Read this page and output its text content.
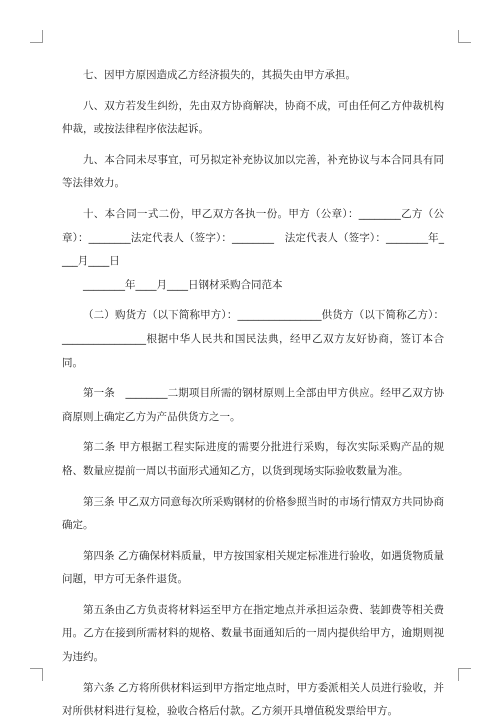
七、因甲方原因造成乙方经济损失的，其损失由甲方承担。

八、双方若发生纠纷，先由双方协商解决，协商不成，可由任何乙方仲裁机构仲裁，或按法律程序依法起诉。

九、本合同未尽事宜，可另拟定补充协议加以完善，补充协议与本合同具有同等法律效力。

十、本合同一式二份，甲乙双方各执一份。甲方（公章）：________乙方（公章）：________法定代表人（签字）：________　法定代表人（签字）：________年____月____日

________年____月____日钢材采购合同范本

（二）购货方（以下简称甲方）：________________供货方（以下简称乙方）：________________根据中华人民共和国民法典，经甲乙双方友好协商，签订本合同。

第一条　________二期项目所需的钢材原则上全部由甲方供应。经甲乙双方协商原则上确定乙方为产品供货方之一。

第二条 甲方根据工程实际进度的需要分批进行采购，每次实际采购产品的规格、数量应提前一周以书面形式通知乙方，以货到现场实际验收数量为准。

第三条 甲乙双方同意每次所采购钢材的价格参照当时的市场行情双方共同协商确定。

第四条 乙方确保材料质量，甲方按国家相关规定标准进行验收，如遇货物质量问题，甲方可无条件退货。

第五条由乙方负责将材料运至甲方在指定地点并承担运杂费、装卸费等相关费用。乙方在接到所需材料的规格、数量书面通知后的一周内提供给甲方，逾期则视为违约。

第六条 乙方将所供材料运到甲方指定地点时，甲方委派相关人员进行验收，并对所供材料进行复检，验收合格后付款。乙方须开具增值税发票给甲方。
